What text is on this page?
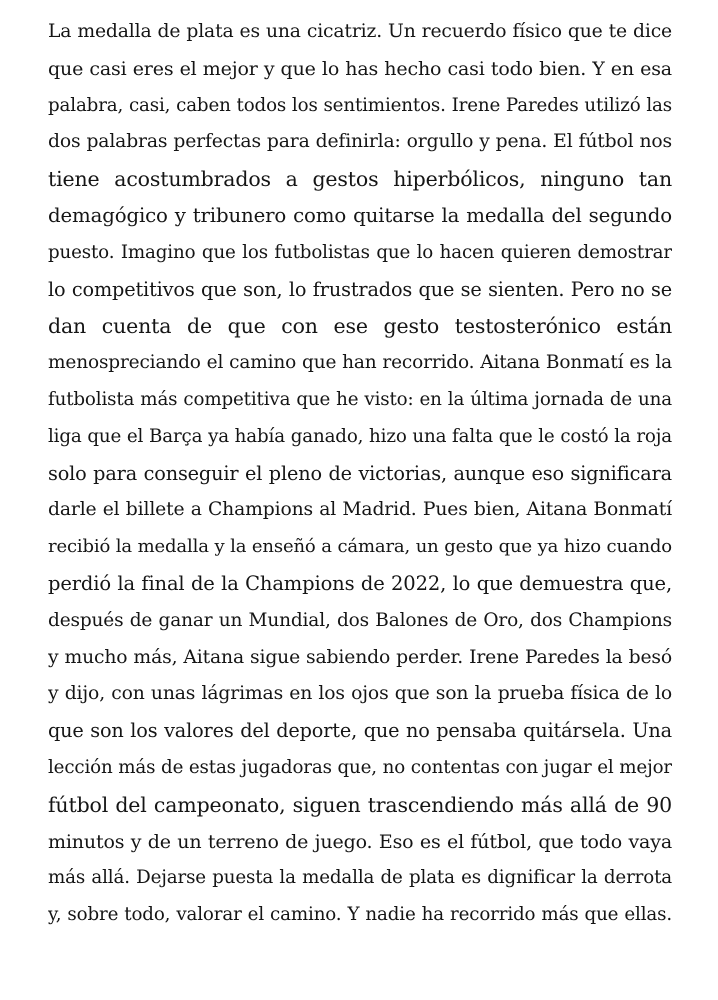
La medalla de plata es una cicatriz. Un recuerdo físico que te dice
que casi eres el mejor y que lo has hecho casi todo bien. Y en esa
palabra, casi, caben todos los sentimientos. Irene Paredes utilizó las
dos palabras perfectas para definirla: orgullo y pena. El fútbol nos
tiene acostumbrados a gestos hiperbólicos, ninguno tan
demagógico y tribunero como quitarse la medalla del segundo
puesto. Imagino que los futbolistas que lo hacen quieren demostrar
lo competitivos que son, lo frustrados que se sienten. Pero no se
dan cuenta de que con ese gesto testosterónico están
menospreciando el camino que han recorrido. Aitana Bonmatí es la
futbolista más competitiva que he visto: en la última jornada de una
liga que el Barça ya había ganado, hizo una falta que le costó la roja
solo para conseguir el pleno de victorias, aunque eso significara
darle el billete a Champions al Madrid. Pues bien, Aitana Bonmatí
recibió la medalla y la enseñó a cámara, un gesto que ya hizo cuando
perdió la final de la Champions de 2022, lo que demuestra que,
después de ganar un Mundial, dos Balones de Oro, dos Champions
y mucho más, Aitana sigue sabiendo perder. Irene Paredes la besó
y dijo, con unas lágrimas en los ojos que son la prueba física de lo
que son los valores del deporte, que no pensaba quitársela. Una
lección más de estas jugadoras que, no contentas con jugar el mejor
fútbol del campeonato, siguen trascendiendo más allá de 90
minutos y de un terreno de juego. Eso es el fútbol, que todo vaya
más allá. Dejarse puesta la medalla de plata es dignificar la derrota
y, sobre todo, valorar el camino. Y nadie ha recorrido más que ellas.
